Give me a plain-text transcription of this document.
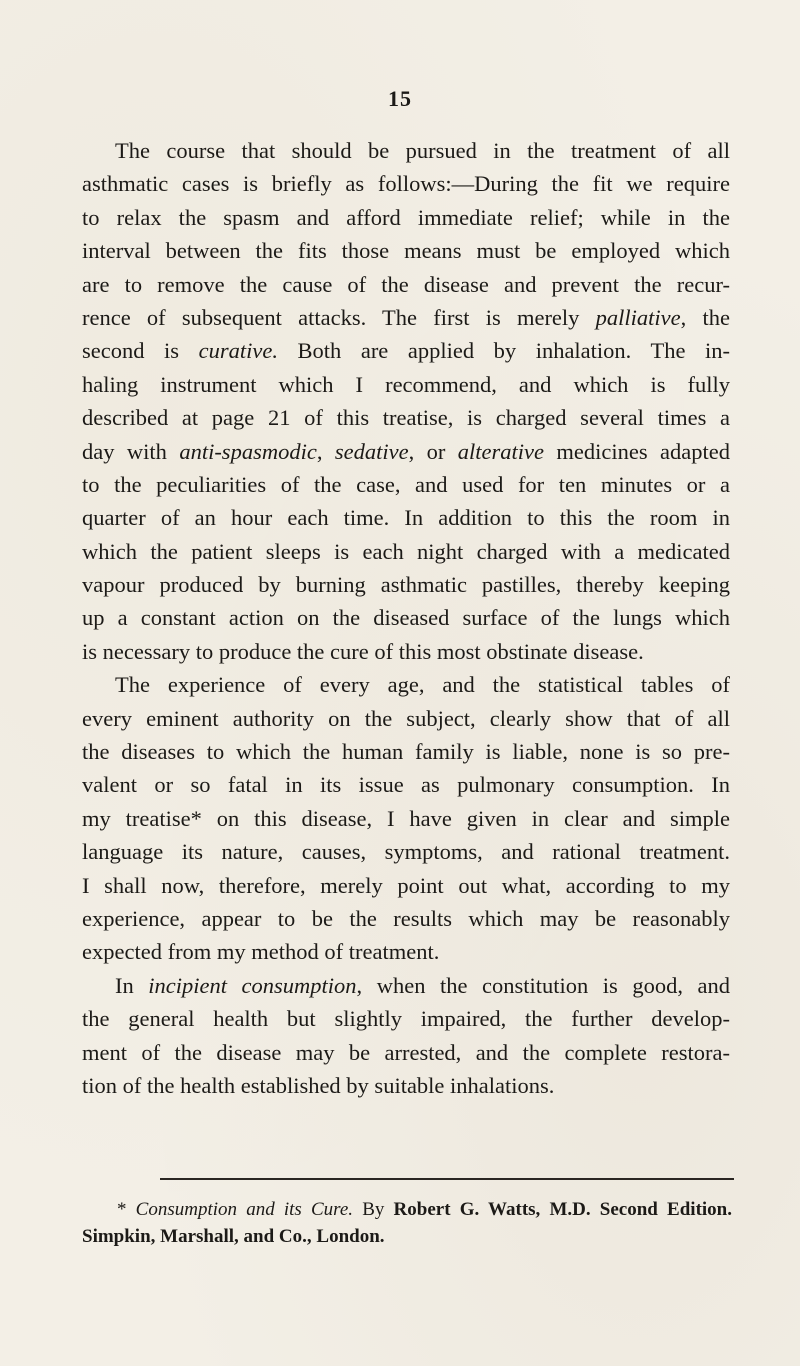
15
The course that should be pursued in the treatment of all
asthmatic cases is briefly as follows:—During the fit we require
to relax the spasm and afford immediate relief; while in the
interval between the fits those means must be employed which
are to remove the cause of the disease and prevent the recur-
rence of subsequent attacks. The first is merely palliative, the
second is curative. Both are applied by inhalation. The in-
haling instrument which I recommend, and which is fully
described at page 21 of this treatise, is charged several times a
day with anti-spasmodic, sedative, or alterative medicines adapted
to the peculiarities of the case, and used for ten minutes or a
quarter of an hour each time. In addition to this the room in
which the patient sleeps is each night charged with a medicated
vapour produced by burning asthmatic pastilles, thereby keeping
up a constant action on the diseased surface of the lungs which
is necessary to produce the cure of this most obstinate disease.
The experience of every age, and the statistical tables of
every eminent authority on the subject, clearly show that of all
the diseases to which the human family is liable, none is so pre-
valent or so fatal in its issue as pulmonary consumption. In
my treatise* on this disease, I have given in clear and simple
language its nature, causes, symptoms, and rational treatment.
I shall now, therefore, merely point out what, according to my
experience, appear to be the results which may be reasonably
expected from my method of treatment.
In incipient consumption, when the constitution is good, and
the general health but slightly impaired, the further develop-
ment of the disease may be arrested, and the complete restora-
tion of the health established by suitable inhalations.
* Consumption and its Cure. By Robert G. Watts, M.D. Second Edition.
Simpkin, Marshall, and Co., London.
